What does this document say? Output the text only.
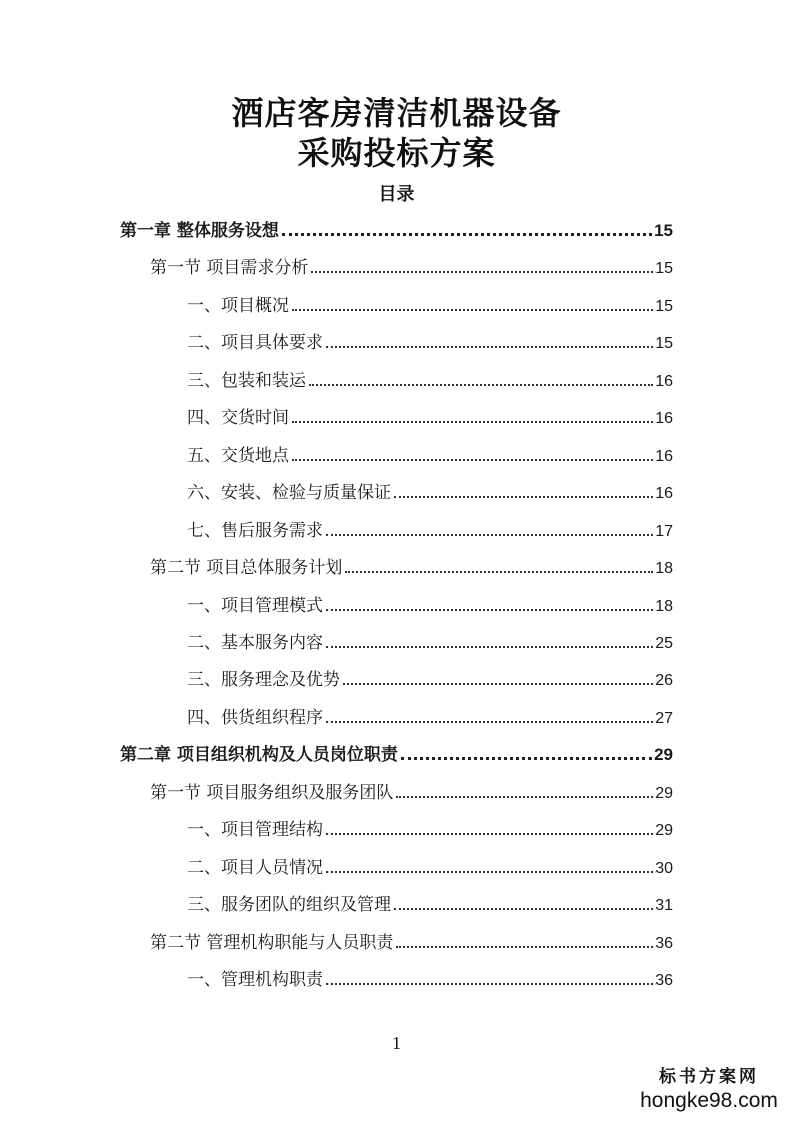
酒店客房清洁机器设备
采购投标方案
目录
第一章 整体服务设想	15
第一节 项目需求分析	15
一、项目概况	15
二、项目具体要求	15
三、包装和装运	16
四、交货时间	16
五、交货地点	16
六、安装、检验与质量保证	16
七、售后服务需求	17
第二节 项目总体服务计划	18
一、项目管理模式	18
二、基本服务内容	25
三、服务理念及优势	26
四、供货组织程序	27
第二章 项目组织机构及人员岗位职责	29
第一节 项目服务组织及服务团队	29
一、项目管理结构	29
二、项目人员情况	30
三、服务团队的组织及管理	31
第二节 管理机构职能与人员职责	36
一、管理机构职责	36
1
标书方案网
hongke98.com
